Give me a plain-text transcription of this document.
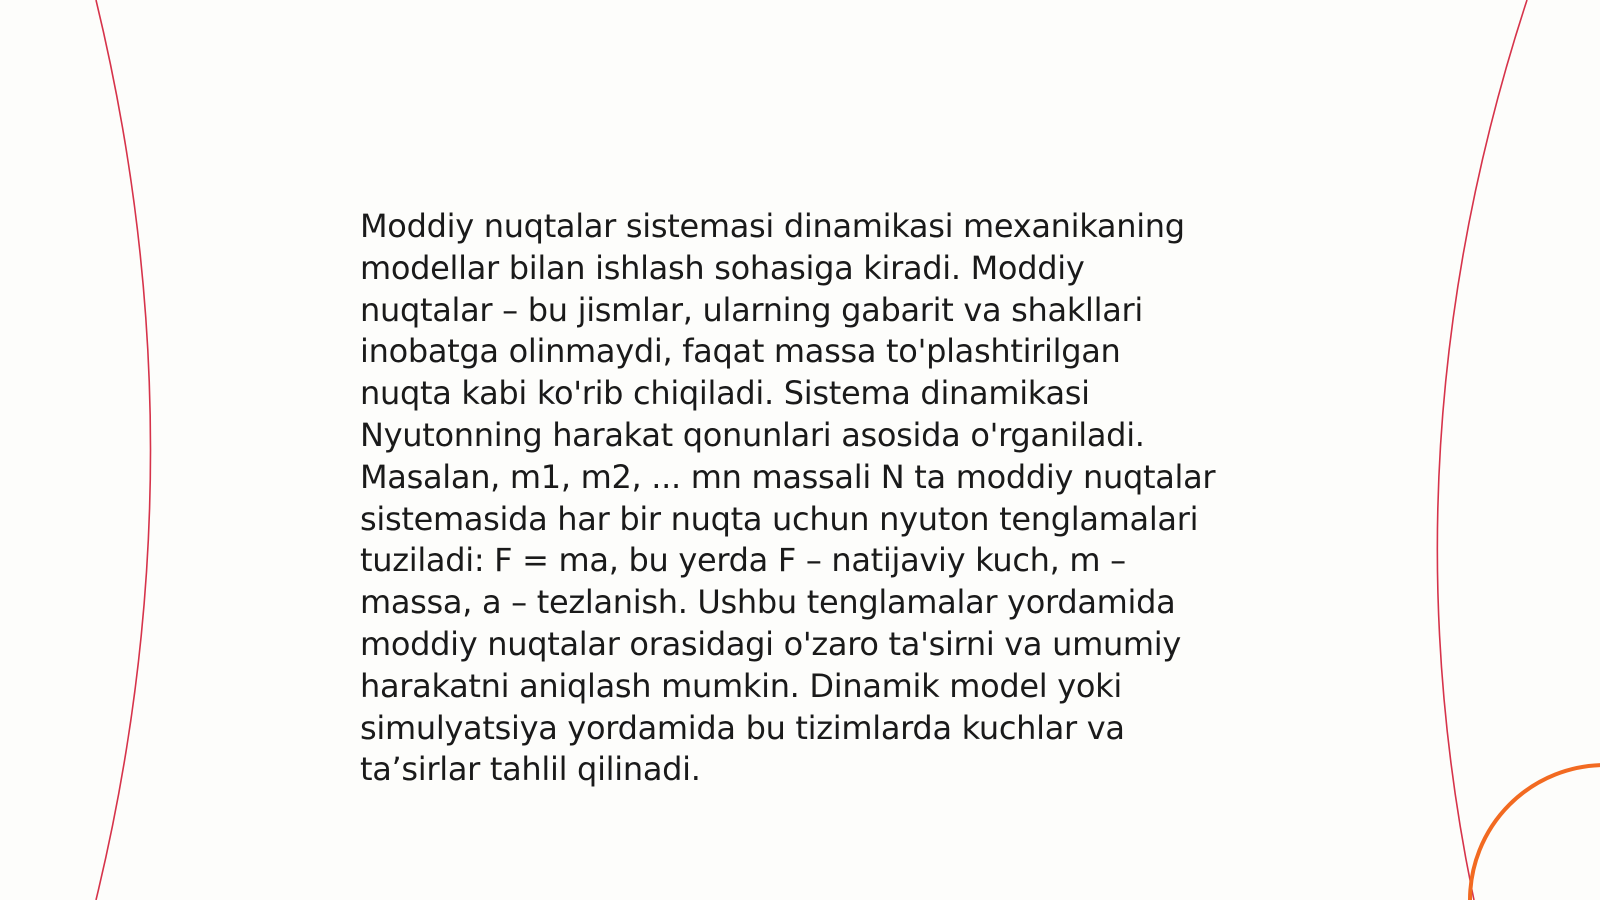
Moddiy nuqtalar sistemasi dinamikasi mexanikaning
modellar bilan ishlash sohasiga kiradi. Moddiy
nuqtalar – bu jismlar, ularning gabarit va shakllari
inobatga olinmaydi, faqat massa to'plashtirilgan
nuqta kabi ko'rib chiqiladi. Sistema dinamikasi
Nyutonning harakat qonunlari asosida o'rganiladi.
Masalan, m1, m2, ... mn massali N ta moddiy nuqtalar
sistemasida har bir nuqta uchun nyuton tenglamalari
tuziladi: F = ma, bu yerda F – natijaviy kuch, m –
massa, a – tezlanish. Ushbu tenglamalar yordamida
moddiy nuqtalar orasidagi o'zaro ta'sirni va umumiy
harakatni aniqlash mumkin. Dinamik model yoki
simulyatsiya yordamida bu tizimlarda kuchlar va
ta’sirlar tahlil qilinadi.
